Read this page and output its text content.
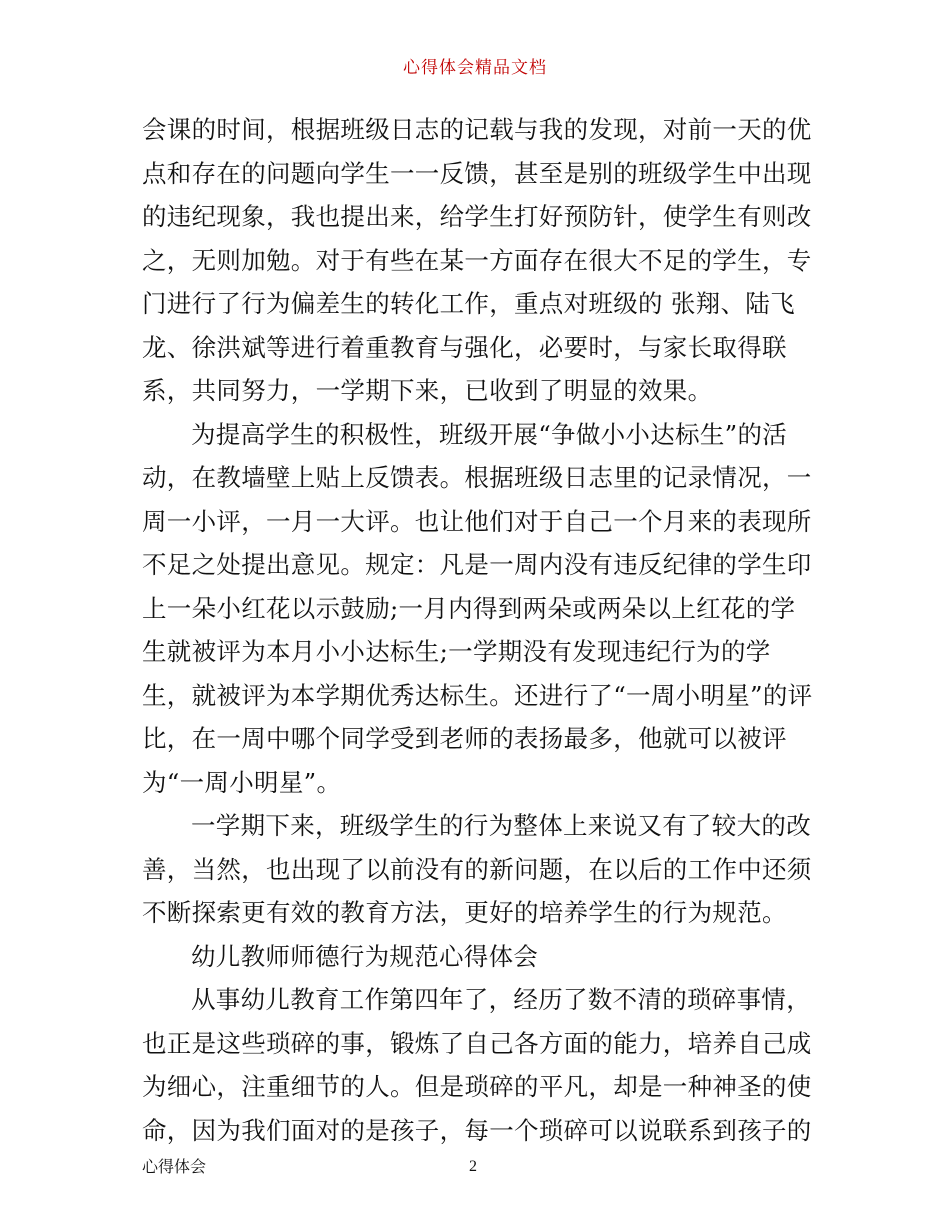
心得体会精品文档

会课的时间，根据班级日志的记载与我的发现，对前一天的优点和存在的问题向学生一一反馈，甚至是别的班级学生中出现的违纪现象，我也提出来，给学生打好预防针，使学生有则改之，无则加勉。对于有些在某一方面存在很大不足的学生，专门进行了行为偏差生的转化工作，重点对班级的 张翔、陆飞龙、徐洪斌等进行着重教育与强化，必要时，与家长取得联系，共同努力，一学期下来，已收到了明显的效果。

为提高学生的积极性，班级开展“争做小小达标生”的活动，在教墙壁上贴上反馈表。根据班级日志里的记录情况，一周一小评，一月一大评。也让他们对于自己一个月来的表现所不足之处提出意见。规定：凡是一周内没有违反纪律的学生印上一朵小红花以示鼓励;一月内得到两朵或两朵以上红花的学生就被评为本月小小达标生;一学期没有发现违纪行为的学生，就被评为本学期优秀达标生。还进行了“一周小明星”的评比，在一周中哪个同学受到老师的表扬最多，他就可以被评为“一周小明星”。

一学期下来，班级学生的行为整体上来说又有了较大的改善，当然，也出现了以前没有的新问题，在以后的工作中还须不断探索更有效的教育方法，更好的培养学生的行为规范。

幼儿教师师德行为规范心得体会

从事幼儿教育工作第四年了，经历了数不清的琐碎事情，也正是这些琐碎的事，锻炼了自己各方面的能力，培养自己成为细心，注重细节的人。但是琐碎的平凡，却是一种神圣的使命，因为我们面对的是孩子，每一个琐碎可以说联系到孩子的

心得体会	2
